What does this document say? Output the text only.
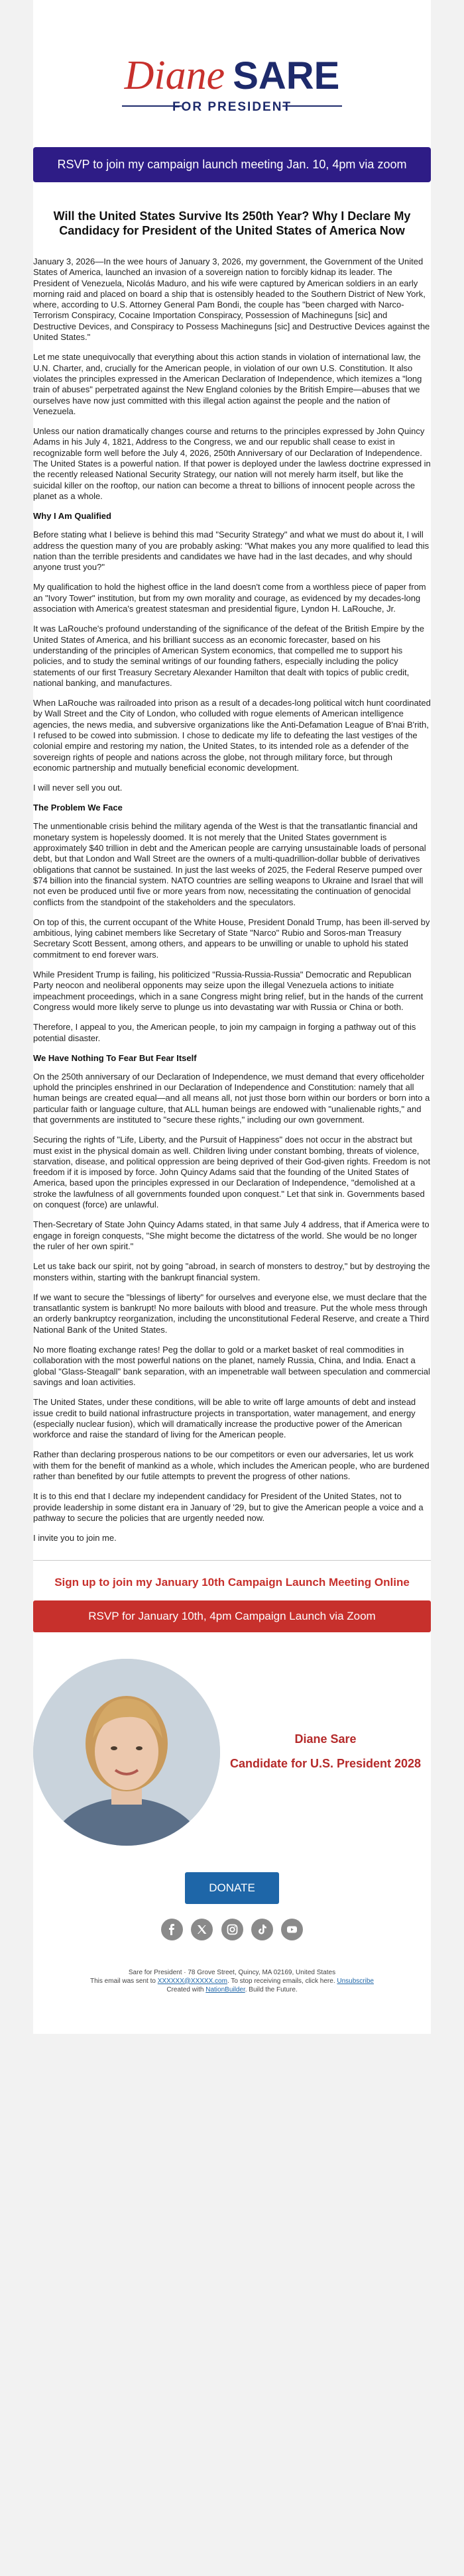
Diane SARE
FOR PRESIDENT
RSVP to join my campaign launch meeting Jan. 10, 4pm via zoom
Will the United States Survive Its 250th Year? Why I Declare My Candidacy for President of the United States of America Now

January 3, 2026—In the wee hours of January 3, 2026, my government, the Government of the United States of America, launched an invasion of a sovereign nation to forcibly kidnap its leader. The President of Venezuela, Nicolás Maduro, and his wife were captured by American soldiers in an early morning raid and placed on board a ship that is ostensibly headed to the Southern District of New York, where, according to U.S. Attorney General Pam Bondi, the couple has "been charged with Narco-Terrorism Conspiracy, Cocaine Importation Conspiracy, Possession of Machineguns [sic] and Destructive Devices, and Conspiracy to Possess Machineguns [sic] and Destructive Devices against the United States."

Let me state unequivocally that everything about this action stands in violation of international law, the U.N. Charter, and, crucially for the American people, in violation of our own U.S. Constitution. It also violates the principles expressed in the American Declaration of Independence, which itemizes a "long train of abuses" perpetrated against the New England colonies by the British Empire—abuses that we ourselves have now just committed with this illegal action against the people and the nation of Venezuela.

Unless our nation dramatically changes course and returns to the principles expressed by John Quincy Adams in his July 4, 1821, Address to the Congress, we and our republic shall cease to exist in recognizable form well before the July 4, 2026, 250th Anniversary of our Declaration of Independence. The United States is a powerful nation. If that power is deployed under the lawless doctrine expressed in the recently released National Security Strategy, our nation will not merely harm itself, but like the suicidal killer on the rooftop, our nation can become a threat to billions of innocent people across the planet as a whole.

Why I Am Qualified

Before stating what I believe is behind this mad "Security Strategy" and what we must do about it, I will address the question many of you are probably asking: "What makes you any more qualified to lead this nation than the terrible presidents and candidates we have had in the last decades, and why should anyone trust you?"

My qualification to hold the highest office in the land doesn't come from a worthless piece of paper from an "Ivory Tower" institution, but from my own morality and courage, as evidenced by my decades-long association with America's greatest statesman and presidential figure, Lyndon H. LaRouche, Jr.

It was LaRouche's profound understanding of the significance of the defeat of the British Empire by the United States of America, and his brilliant success as an economic forecaster, based on his understanding of the principles of American System economics, that compelled me to support his policies, and to study the seminal writings of our founding fathers, especially including the policy statements of our first Treasury Secretary Alexander Hamilton that dealt with topics of public credit, national banking, and manufactures.

When LaRouche was railroaded into prison as a result of a decades-long political witch hunt coordinated by Wall Street and the City of London, who colluded with rogue elements of American intelligence agencies, the news media, and subversive organizations like the Anti-Defamation League of B'nai B'rith, I refused to be cowed into submission. I chose to dedicate my life to defeating the last vestiges of the colonial empire and restoring my nation, the United States, to its intended role as a defender of the sovereign rights of people and nations across the globe, not through military force, but through economic partnership and mutually beneficial economic development.

I will never sell you out.

The Problem We Face

The unmentionable crisis behind the military agenda of the West is that the transatlantic financial and monetary system is hopelessly doomed. It is not merely that the United States government is approximately $40 trillion in debt and the American people are carrying unsustainable loads of personal debt, but that London and Wall Street are the owners of a multi-quadrillion-dollar bubble of derivatives obligations that cannot be sustained. In just the last weeks of 2025, the Federal Reserve pumped over $74 billion into the financial system. NATO countries are selling weapons to Ukraine and Israel that will not even be produced until five or more years from now, necessitating the continuation of genocidal conflicts from the standpoint of the stakeholders and the speculators.

On top of this, the current occupant of the White House, President Donald Trump, has been ill-served by ambitious, lying cabinet members like Secretary of State "Narco" Rubio and Soros-man Treasury Secretary Scott Bessent, among others, and appears to be unwilling or unable to uphold his stated commitment to end forever wars.

While President Trump is failing, his politicized "Russia-Russia-Russia" Democratic and Republican Party neocon and neoliberal opponents may seize upon the illegal Venezuela actions to initiate impeachment proceedings, which in a sane Congress might bring relief, but in the hands of the current Congress would more likely serve to plunge us into devastating war with Russia or China or both.

Therefore, I appeal to you, the American people, to join my campaign in forging a pathway out of this potential disaster.

We Have Nothing To Fear But Fear Itself

On the 250th anniversary of our Declaration of Independence, we must demand that every officeholder uphold the principles enshrined in our Declaration of Independence and Constitution: namely that all human beings are created equal—and all means all, not just those born within our borders or born into a particular faith or language culture, that ALL human beings are endowed with "unalienable rights," and that governments are instituted to "secure these rights," including our own government.

Securing the rights of "Life, Liberty, and the Pursuit of Happiness" does not occur in the abstract but must exist in the physical domain as well. Children living under constant bombing, threats of violence, starvation, disease, and political oppression are being deprived of their God-given rights. Freedom is not freedom if it is imposed by force. John Quincy Adams said that the founding of the United States of America, based upon the principles expressed in our Declaration of Independence, "demolished at a stroke the lawfulness of all governments founded upon conquest." Let that sink in. Governments based on conquest (force) are unlawful.

Then-Secretary of State John Quincy Adams stated, in that same July 4 address, that if America were to engage in foreign conquests, "She might become the dictatress of the world. She would be no longer the ruler of her own spirit."

Let us take back our spirit, not by going "abroad, in search of monsters to destroy," but by destroying the monsters within, starting with the bankrupt financial system.

If we want to secure the "blessings of liberty" for ourselves and everyone else, we must declare that the transatlantic system is bankrupt! No more bailouts with blood and treasure. Put the whole mess through an orderly bankruptcy reorganization, including the unconstitutional Federal Reserve, and create a Third National Bank of the United States.

No more floating exchange rates! Peg the dollar to gold or a market basket of real commodities in collaboration with the most powerful nations on the planet, namely Russia, China, and India. Enact a global "Glass-Steagall" bank separation, with an impenetrable wall between speculation and commercial savings and loan activities.

The United States, under these conditions, will be able to write off large amounts of debt and instead issue credit to build national infrastructure projects in transportation, water management, and energy (especially nuclear fusion), which will dramatically increase the productive power of the American workforce and raise the standard of living for the American people.

Rather than declaring prosperous nations to be our competitors or even our adversaries, let us work with them for the benefit of mankind as a whole, which includes the American people, who are burdened rather than benefited by our futile attempts to prevent the progress of other nations.

It is to this end that I declare my independent candidacy for President of the United States, not to provide leadership in some distant era in January of '29, but to give the American people a voice and a pathway to secure the policies that are urgently needed now.

I invite you to join me.

Sign up to join my January 10th Campaign Launch Meeting Online
RSVP for January 10th, 4pm Campaign Launch via Zoom
Diane Sare
Candidate for U.S. President 2028
DONATE

Sare for President · 78 Grove Street, Quincy, MA 02169, United States
This email was sent to XXXXXX@XXXXX.com. To stop receiving emails, click here. Unsubscribe
Created with NationBuilder. Build the Future.
